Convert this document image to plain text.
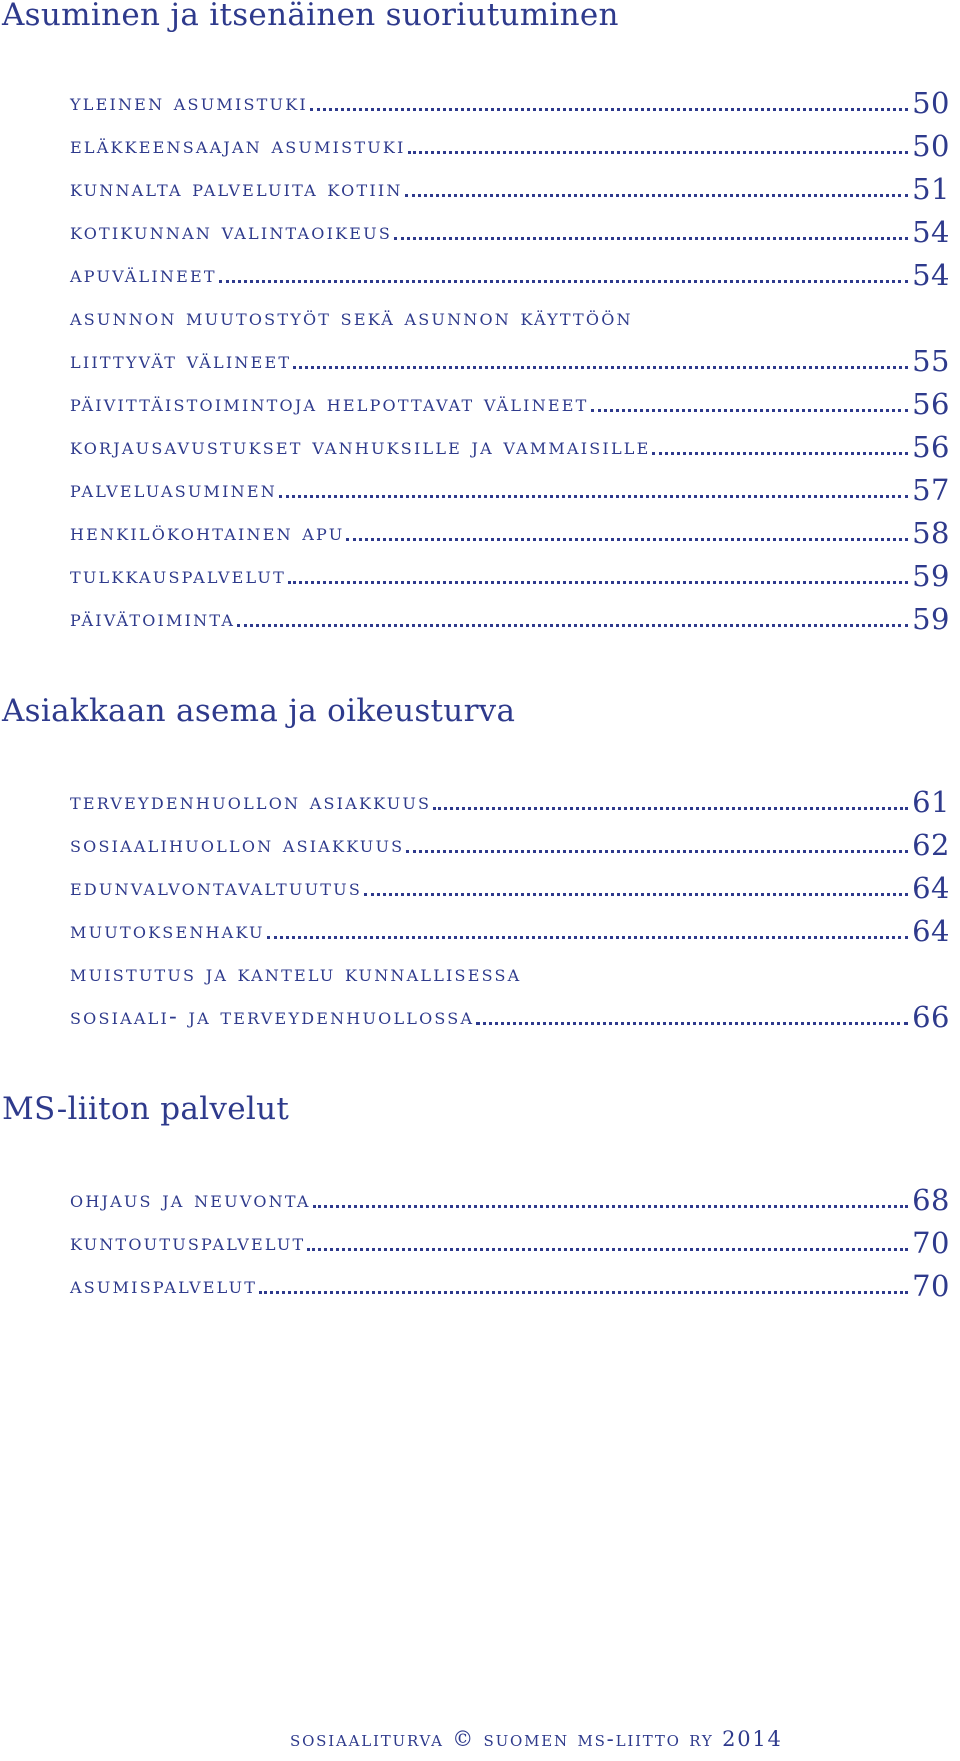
Asuminen ja itsenäinen suoriutuminen
yleinen asumistuki	50
eläkkeensaajan asumistuki	50
kunnalta palveluita kotiin	51
kotikunnan valintaoikeus	54
apuvälineet	54
asunnon muutostyöt sekä asunnon käyttöön
liittyvät välineet	55
päivittäistoimintoja helpottavat välineet	56
korjausavustukset vanhuksille ja vammaisille	56
palveluasuminen	57
henkilökohtainen apu	58
tulkkauspalvelut	59
päivätoiminta	59
Asiakkaan asema ja oikeusturva
terveydenhuollon asiakkuus	61
sosiaalihuollon asiakkuus	62
edunvalvontavaltuutus	64
muutoksenhaku	64
muistutus ja kantelu kunnallisessa
sosiaali- ja terveydenhuollossa	66
MS-liiton palvelut
ohjaus ja neuvonta	68
kuntoutuspalvelut	70
asumispalvelut	70
sosiaaliturva © suomen ms-liitto ry 2014
